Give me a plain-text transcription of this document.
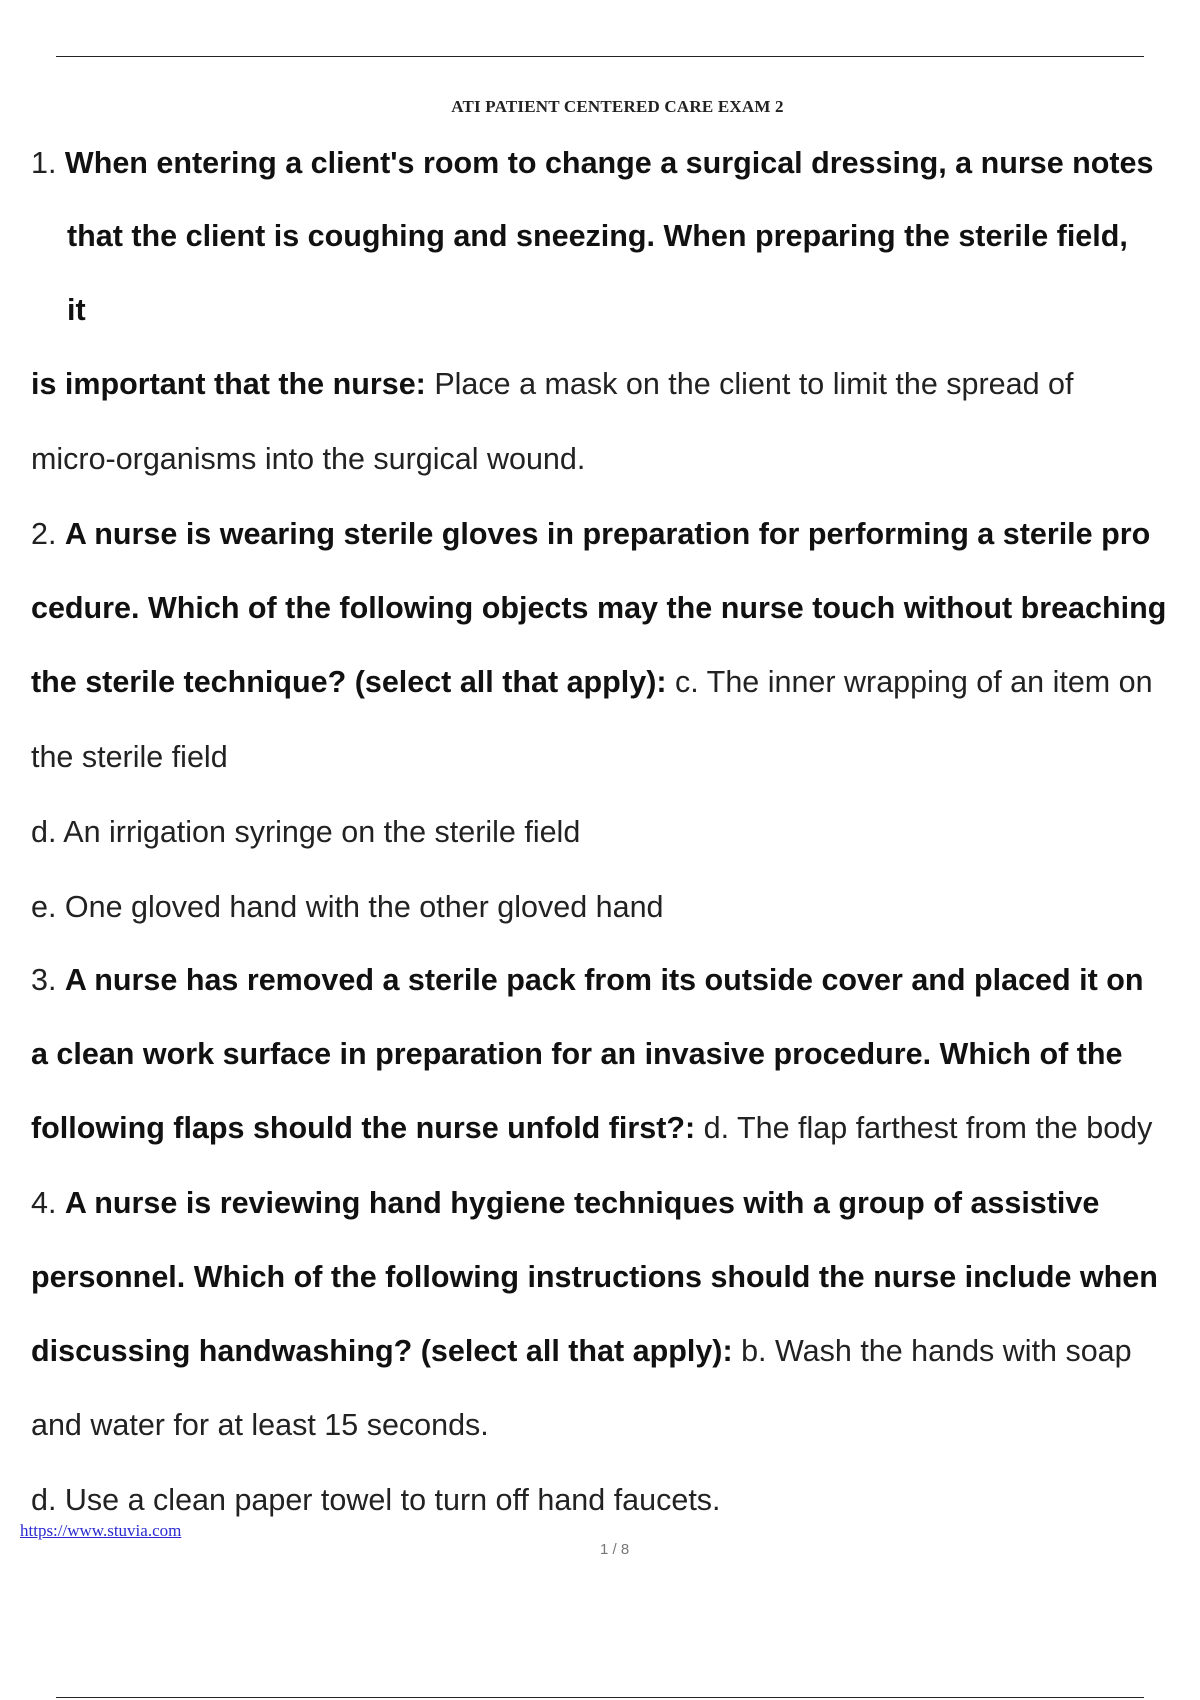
ATI PATIENT CENTERED CARE EXAM 2
1. When entering a client's room to change a surgical dressing, a nurse notes
that the client is coughing and sneezing. When preparing the sterile field,
it
is important that the nurse: Place a mask on the client to limit the spread of
micro-organisms into the surgical wound.
2. A nurse is wearing sterile gloves in preparation for performing a sterile pro
cedure. Which of the following objects may the nurse touch without breaching
the sterile technique? (select all that apply): c. The inner wrapping of an item on
the sterile field
d. An irrigation syringe on the sterile field
e. One gloved hand with the other gloved hand
3. A nurse has removed a sterile pack from its outside cover and placed it on
a clean work surface in preparation for an invasive procedure. Which of the
following flaps should the nurse unfold first?: d. The flap farthest from the body
4. A nurse is reviewing hand hygiene techniques with a group of assistive
personnel. Which of the following instructions should the nurse include when
discussing handwashing? (select all that apply): b. Wash the hands with soap
and water for at least 15 seconds.
d. Use a clean paper towel to turn off hand faucets.
https://www.stuvia.com
1 / 8
